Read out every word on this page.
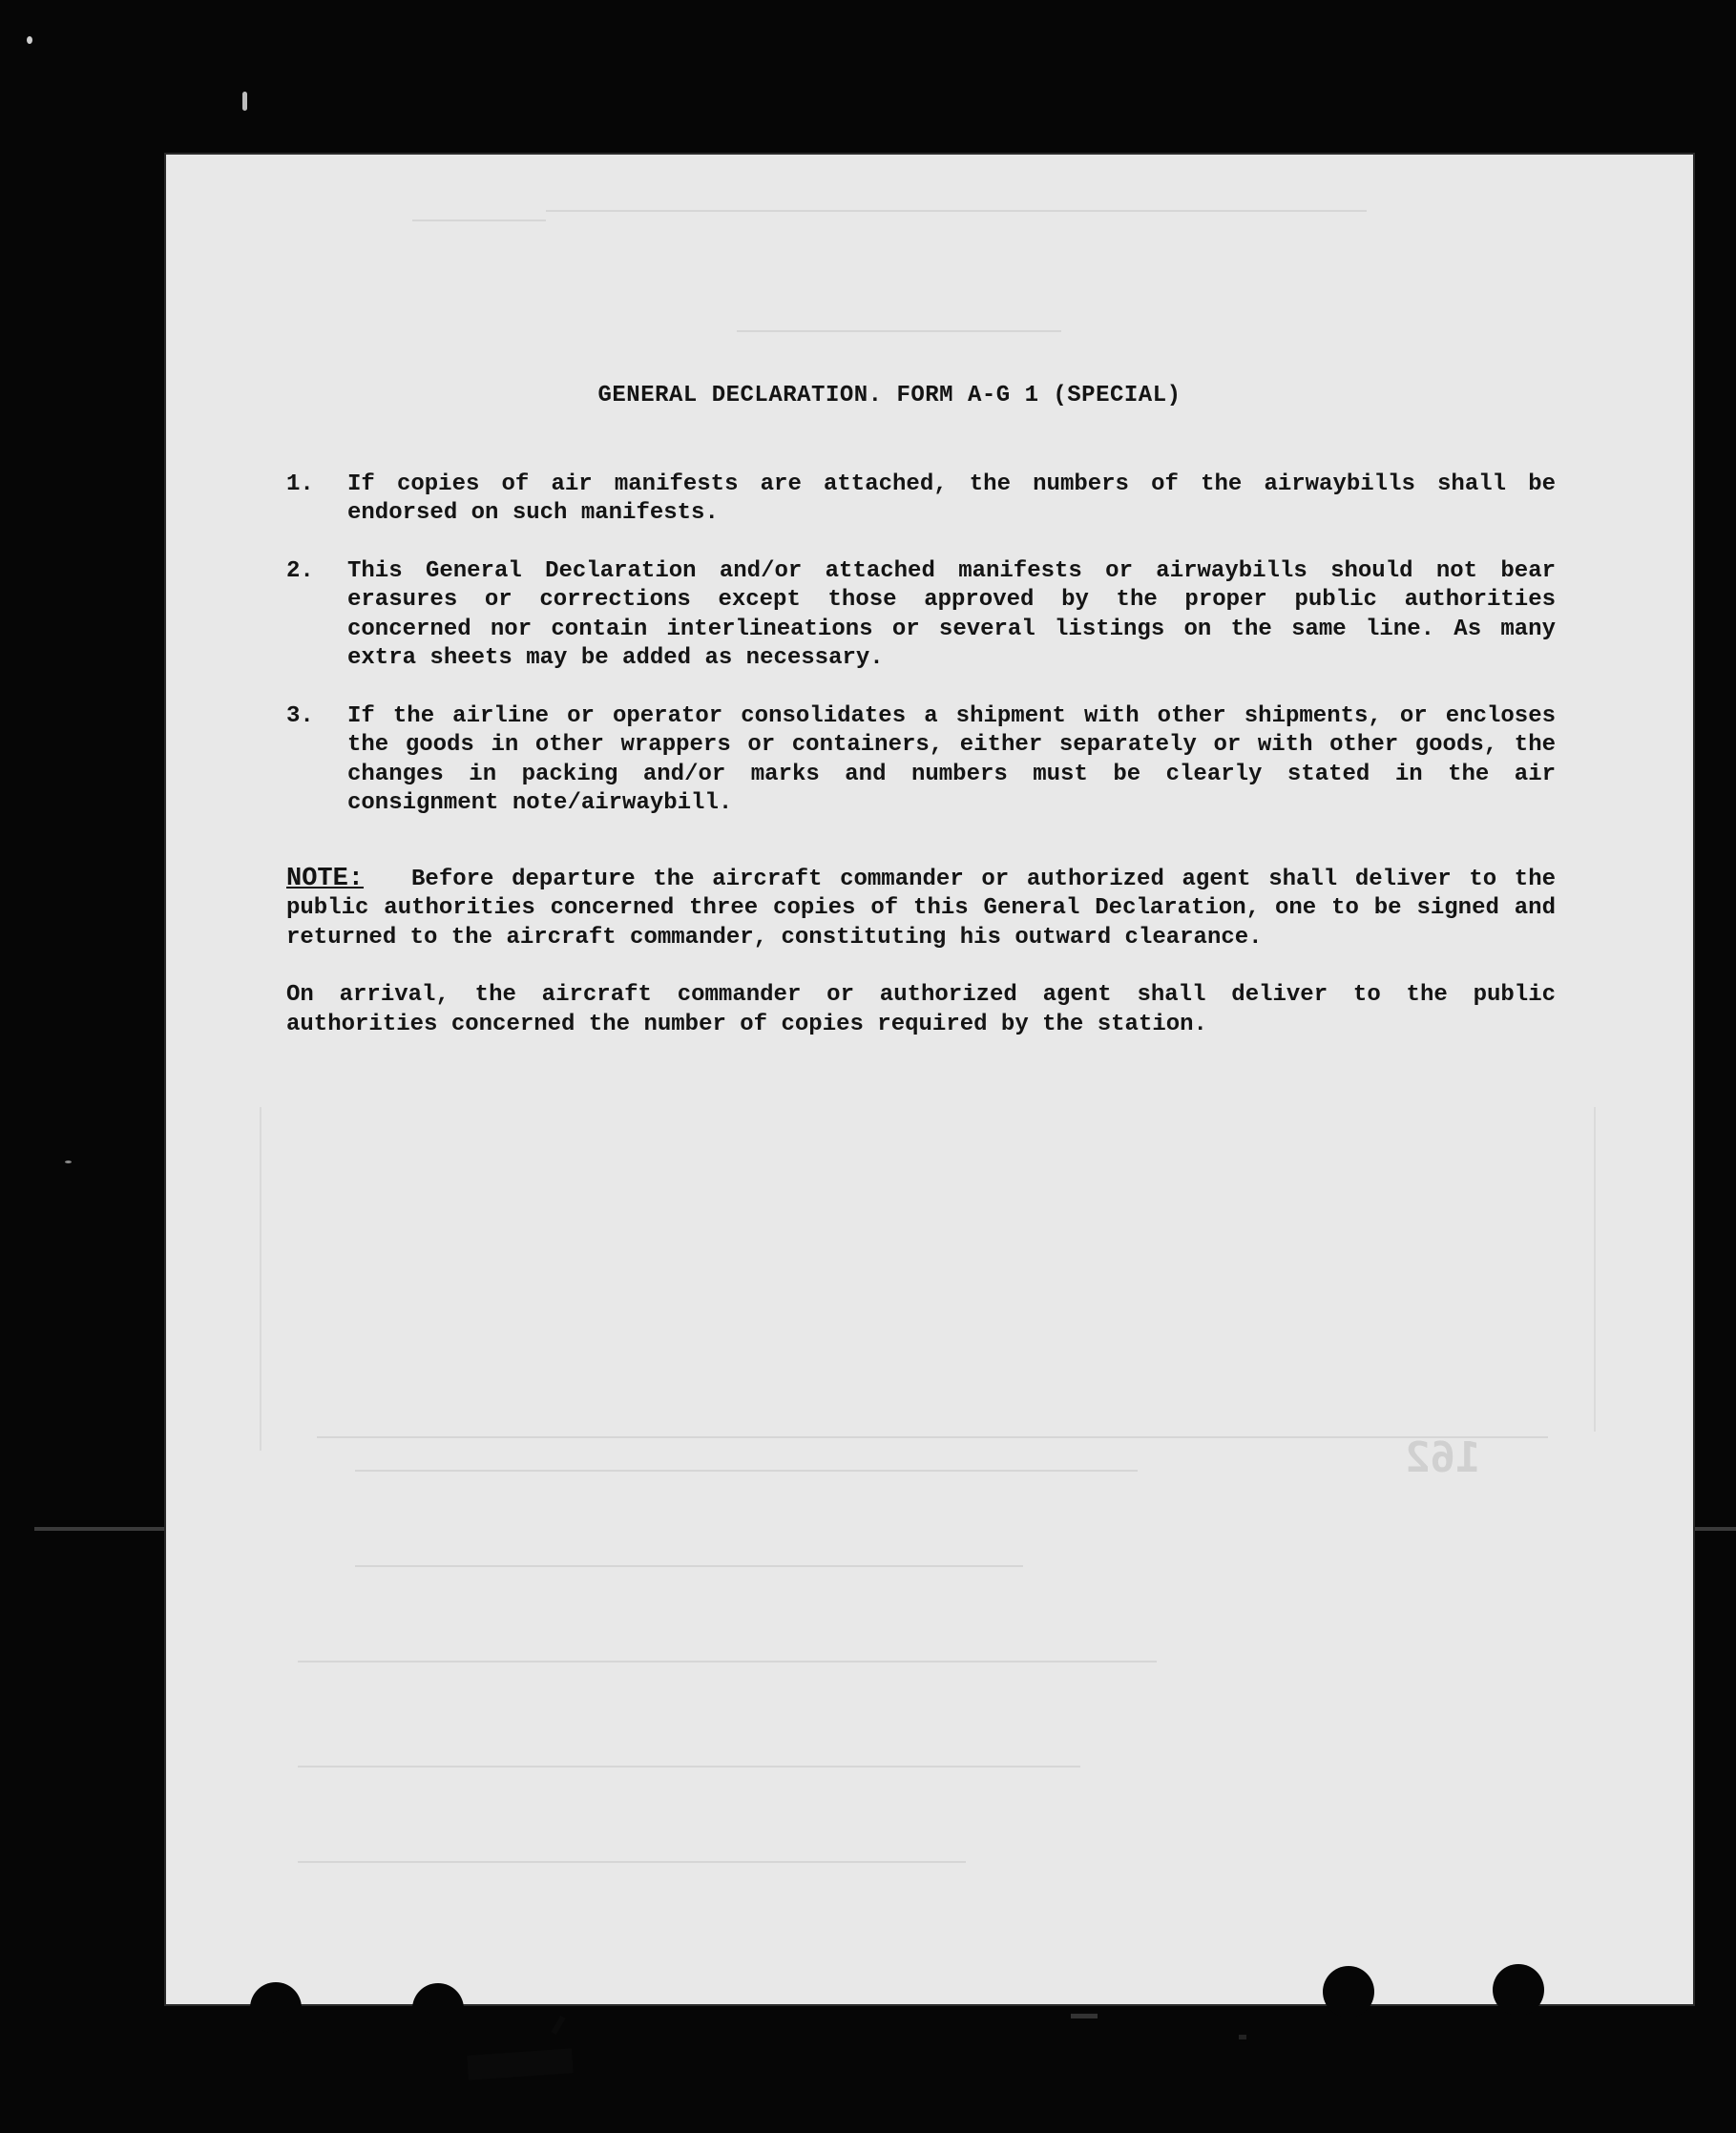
162
GENERAL DECLARATION. FORM A-G 1 (SPECIAL)
1.	If copies of air manifests are attached, the numbers of the airwaybills shall be endorsed on such manifests.
2.	This General Declaration and/or attached manifests or airwaybills should not bear erasures or corrections except those approved by the proper public authorities concerned nor contain interlineations or several listings on the same line. As many extra sheets may be added as necessary.
3.	If the airline or operator consolidates a shipment with other shipments, or encloses the goods in other wrappers or containers, either separately or with other goods, the changes in packing and/or marks and numbers must be clearly stated in the air consignment note/airwaybill.
NOTE: Before departure the aircraft commander or authorized agent shall deliver to the public authorities concerned three copies of this General Declaration, one to be signed and returned to the aircraft commander, constituting his outward clearance.
On arrival, the aircraft commander or authorized agent shall deliver to the public authorities concerned the number of copies required by the station.
